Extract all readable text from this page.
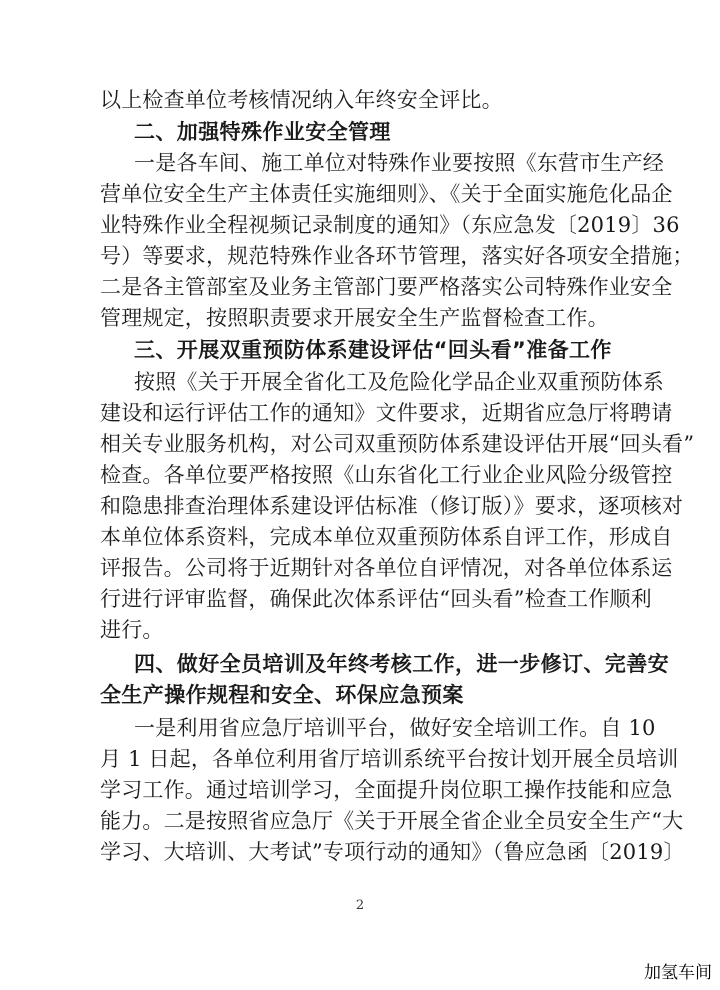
以上检查单位考核情况纳入年终安全评比。
二、加强特殊作业安全管理
一是各车间、施工单位对特殊作业要按照《东营市生产经
营单位安全生产主体责任实施细则》、《关于全面实施危化品企
业特殊作业全程视频记录制度的通知》（东应急发〔2019〕36
号）等要求，规范特殊作业各环节管理，落实好各项安全措施；
二是各主管部室及业务主管部门要严格落实公司特殊作业安全
管理规定，按照职责要求开展安全生产监督检查工作。
三、开展双重预防体系建设评估“回头看”准备工作
按照《关于开展全省化工及危险化学品企业双重预防体系
建设和运行评估工作的通知》文件要求，近期省应急厅将聘请
相关专业服务机构，对公司双重预防体系建设评估开展“回头看”
检查。各单位要严格按照《山东省化工行业企业风险分级管控
和隐患排查治理体系建设评估标准（修订版）》要求，逐项核对
本单位体系资料，完成本单位双重预防体系自评工作，形成自
评报告。公司将于近期针对各单位自评情况，对各单位体系运
行进行评审监督，确保此次体系评估“回头看”检查工作顺利
进行。
四、做好全员培训及年终考核工作，进一步修订、完善安
全生产操作规程和安全、环保应急预案
一是利用省应急厅培训平台，做好安全培训工作。自 10
月 1 日起，各单位利用省厅培训系统平台按计划开展全员培训
学习工作。通过培训学习，全面提升岗位职工操作技能和应急
能力。二是按照省应急厅《关于开展全省企业全员安全生产“大
学习、大培训、大考试”专项行动的通知》（鲁应急函〔2019〕
2
加氢车间
